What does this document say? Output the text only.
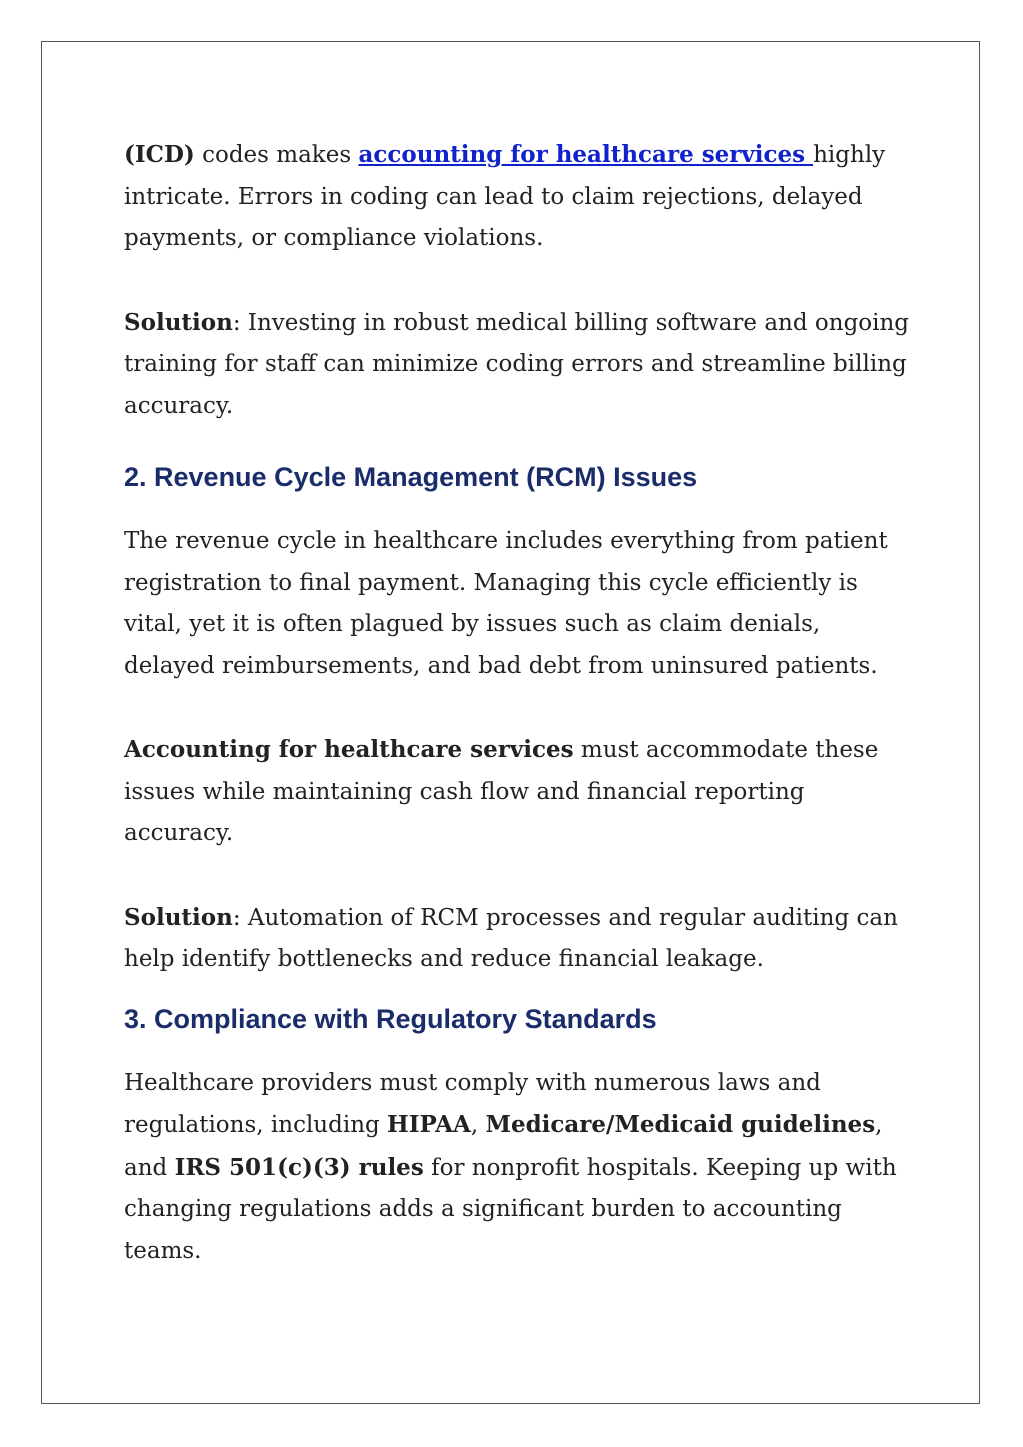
(ICD) codes makes accounting for healthcare services highly intricate. Errors in coding can lead to claim rejections, delayed payments, or compliance violations.

Solution: Investing in robust medical billing software and ongoing training for staff can minimize coding errors and streamline billing accuracy.

2. Revenue Cycle Management (RCM) Issues

The revenue cycle in healthcare includes everything from patient registration to final payment. Managing this cycle efficiently is vital, yet it is often plagued by issues such as claim denials, delayed reimbursements, and bad debt from uninsured patients.

Accounting for healthcare services must accommodate these issues while maintaining cash flow and financial reporting accuracy.

Solution: Automation of RCM processes and regular auditing can help identify bottlenecks and reduce financial leakage.

3. Compliance with Regulatory Standards

Healthcare providers must comply with numerous laws and regulations, including HIPAA, Medicare/Medicaid guidelines, and IRS 501(c)(3) rules for nonprofit hospitals. Keeping up with changing regulations adds a significant burden to accounting teams.
